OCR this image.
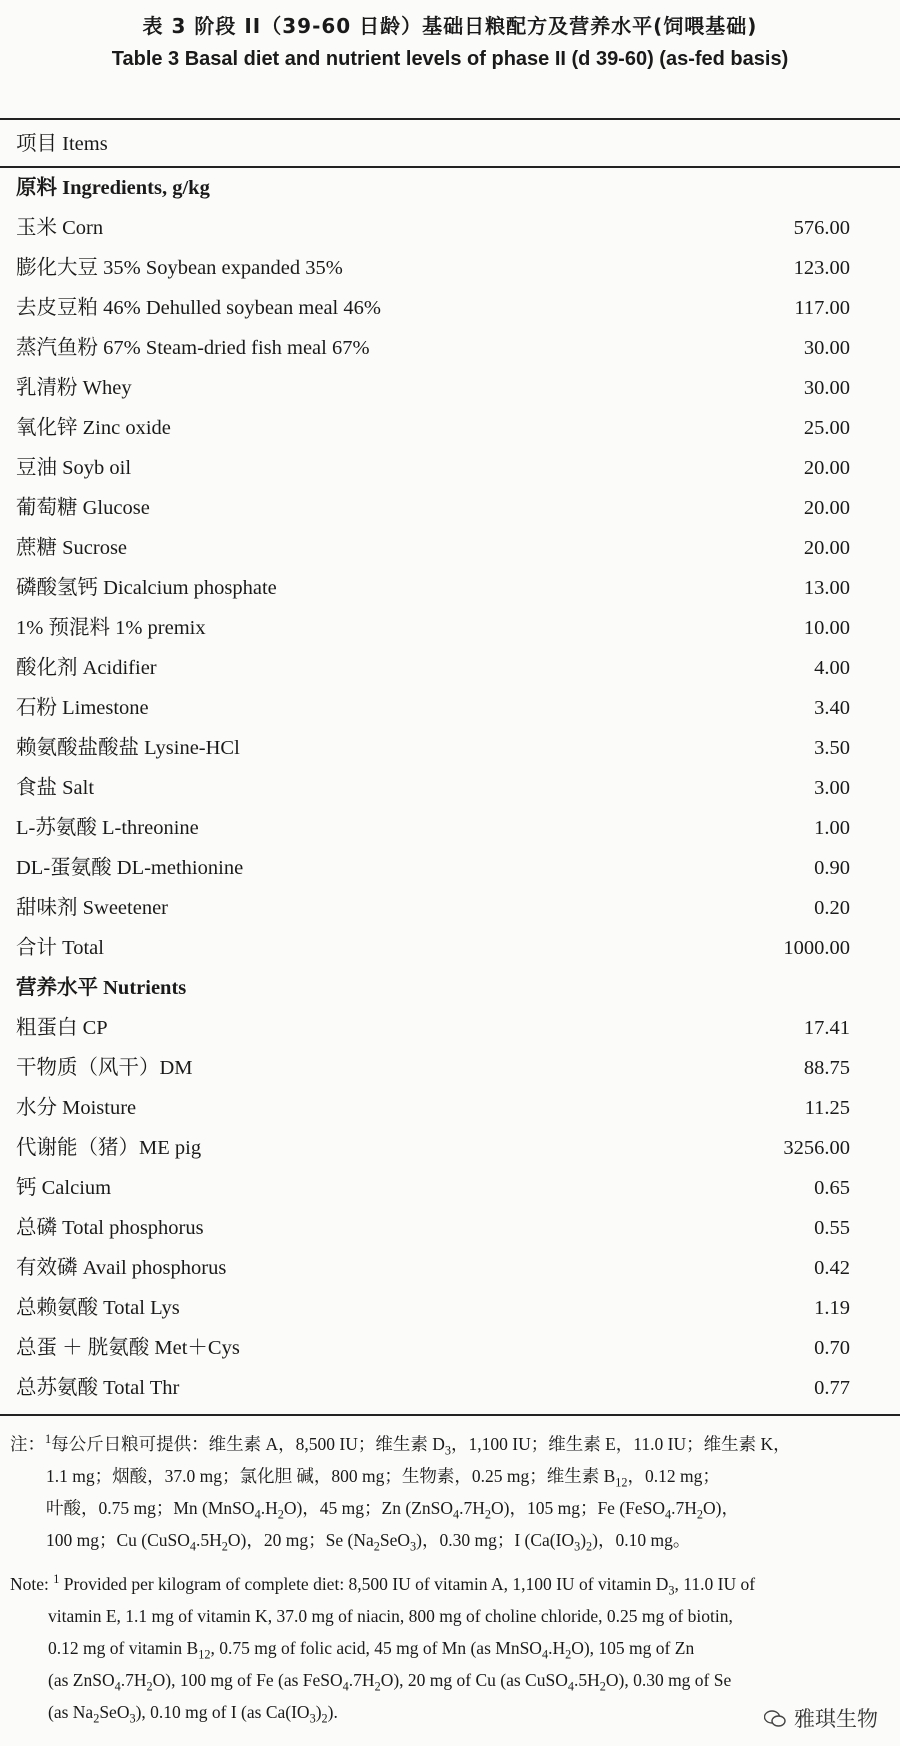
表 3 阶段 II（39-60 日龄）基础日粮配方及营养水平(饲喂基础)
Table 3 Basal diet and nutrient levels of phase II (d 39-60) (as-fed basis)
项目 Items
原料 Ingredients, g/kg
玉米 Corn	576.00
膨化大豆 35% Soybean expanded 35%	123.00
去皮豆粕 46% Dehulled soybean meal 46%	117.00
蒸汽鱼粉 67% Steam-dried fish meal 67%	30.00
乳清粉 Whey	30.00
氧化锌 Zinc oxide	25.00
豆油 Soyb oil	20.00
葡萄糖 Glucose	20.00
蔗糖 Sucrose	20.00
磷酸氢钙 Dicalcium phosphate	13.00
1% 预混料 1% premix	10.00
酸化剂 Acidifier	4.00
石粉 Limestone	3.40
赖氨酸盐酸盐 Lysine-HCl	3.50
食盐 Salt	3.00
L-苏氨酸 L-threonine	1.00
DL-蛋氨酸 DL-methionine	0.90
甜味剂 Sweetener	0.20
合计 Total	1000.00
营养水平 Nutrients
粗蛋白 CP	17.41
干物质（风干）DM	88.75
水分 Moisture	11.25
代谢能（猪）ME pig	3256.00
钙 Calcium	0.65
总磷 Total phosphorus	0.55
有效磷 Avail phosphorus	0.42
总赖氨酸 Total Lys	1.19
总蛋 ＋ 胱氨酸 Met＋Cys	0.70
总苏氨酸 Total Thr	0.77
注：$^1$每公斤日粮可提供：维生素 A，8,500 IU；维生素 $D_3$，1,100 IU；维生素 E，11.0 IU；维生素 K，
1.1 mg；烟酸，37.0 mg；氯化胆 碱，800 mg；生物素，0.25 mg；维生素 $B_{12}$，0.12 mg；
叶酸，0.75 mg；Mn $(MnSO_4.H_2O)$，45 mg；Zn $(ZnSO_4.7H_2O)$，105 mg；Fe $(FeSO_4.7H_2O)$，
100 mg；Cu $(CuSO_4.5H_2O)$，20 mg；Se $(Na_2SeO_3)$，0.30 mg；I $(Ca(IO_3)_2)$，0.10 mg。
Note: $^1$ Provided per kilogram of complete diet: 8,500 IU of vitamin A, 1,100 IU of vitamin $D_3$, 11.0 IU of
vitamin E, 1.1 mg of vitamin K, 37.0 mg of niacin, 800 mg of choline chloride, 0.25 mg of biotin,
0.12 mg of vitamin $B_{12}$, 0.75 mg of folic acid, 45 mg of Mn (as $MnSO_4.H_2O$), 105 mg of Zn
(as $ZnSO_4.7H_2O$), 100 mg of Fe (as $FeSO_4.7H_2O$), 20 mg of Cu (as $CuSO_4.5H_2O$), 0.30 mg of Se
(as $Na_2SeO_3$), 0.10 mg of I (as $Ca(IO_3)_2$).	雅琪生物
